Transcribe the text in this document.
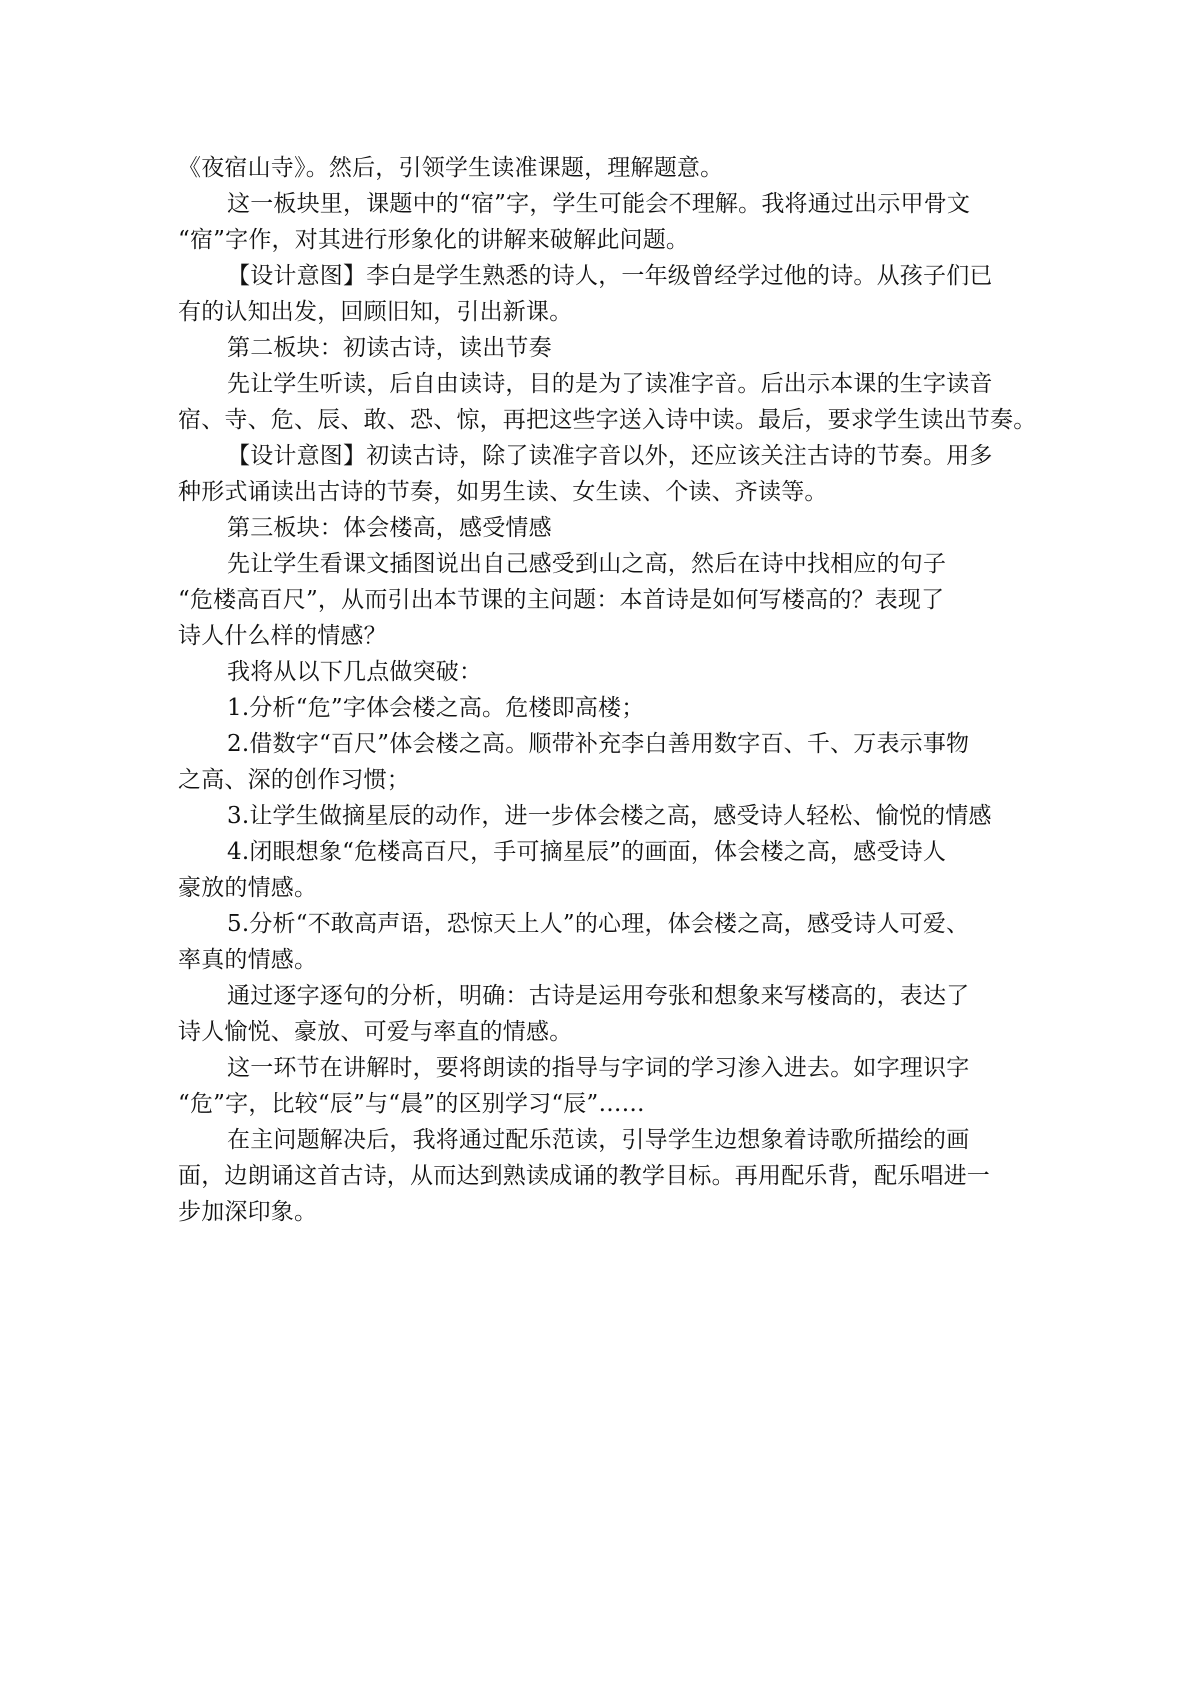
《夜宿山寺》。然后，引领学生读准课题，理解题意。
这一板块里，课题中的“宿”字，学生可能会不理解。我将通过出示甲骨文
“宿”字作，对其进行形象化的讲解来破解此问题。
【设计意图】李白是学生熟悉的诗人，一年级曾经学过他的诗。从孩子们已
有的认知出发，回顾旧知，引出新课。
第二板块：初读古诗，读出节奏
先让学生听读，后自由读诗，目的是为了读准字音。后出示本课的生字读音
宿、寺、危、辰、敢、恐、惊，再把这些字送入诗中读。最后，要求学生读出节奏。
【设计意图】初读古诗，除了读准字音以外，还应该关注古诗的节奏。用多
种形式诵读出古诗的节奏，如男生读、女生读、个读、齐读等。
第三板块：体会楼高，感受情感
先让学生看课文插图说出自己感受到山之高，然后在诗中找相应的句子
“危楼高百尺”，从而引出本节课的主问题：本首诗是如何写楼高的？表现了
诗人什么样的情感？
我将从以下几点做突破：
1.分析“危”字体会楼之高。危楼即高楼；
2.借数字“百尺”体会楼之高。顺带补充李白善用数字百、千、万表示事物
之高、深的创作习惯；
3.让学生做摘星辰的动作，进一步体会楼之高，感受诗人轻松、愉悦的情感
4.闭眼想象“危楼高百尺，手可摘星辰”的画面，体会楼之高，感受诗人
豪放的情感。
5.分析“不敢高声语，恐惊天上人”的心理，体会楼之高，感受诗人可爱、
率真的情感。
通过逐字逐句的分析，明确：古诗是运用夸张和想象来写楼高的，表达了
诗人愉悦、豪放、可爱与率直的情感。
这一环节在讲解时，要将朗读的指导与字词的学习渗入进去。如字理识字
“危”字，比较“辰”与“晨”的区别学习“辰”……
在主问题解决后，我将通过配乐范读，引导学生边想象着诗歌所描绘的画
面，边朗诵这首古诗，从而达到熟读成诵的教学目标。再用配乐背，配乐唱进一
步加深印象。
